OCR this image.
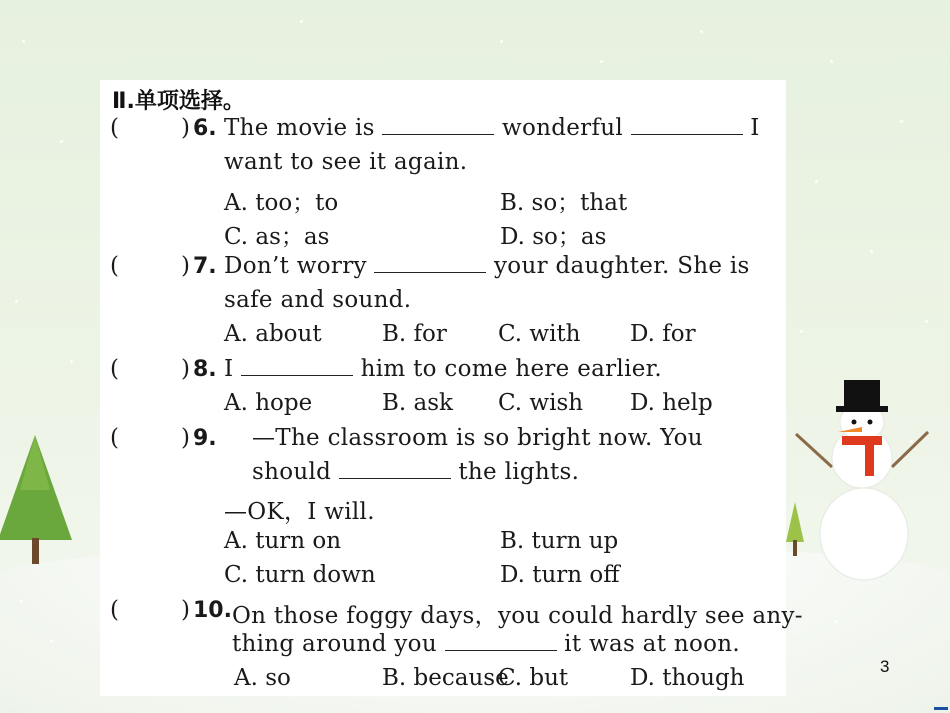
Ⅱ.单项选择。
(	) 6. The movie is	wonderful	I
want to see it again.
A. too；to	B. so；that
C. as；as	D. so；as
(	) 7. Don’t worry	your daughter. She is
safe and sound.
A. about	B. for C. with D. for
(	) 8. I	him to come here earlier.
A. hope	B. ask C. wish D. help
(	) 9. —The classroom is so bright now. You
should	the lights.
—OK，I will.
A. turn on	B. turn up
C. turn down	D. turn off
(	) 10. On those foggy days，you could hardly see any-
thing around you	it was at noon.
A. so	B. because
C. but	D. though	3
